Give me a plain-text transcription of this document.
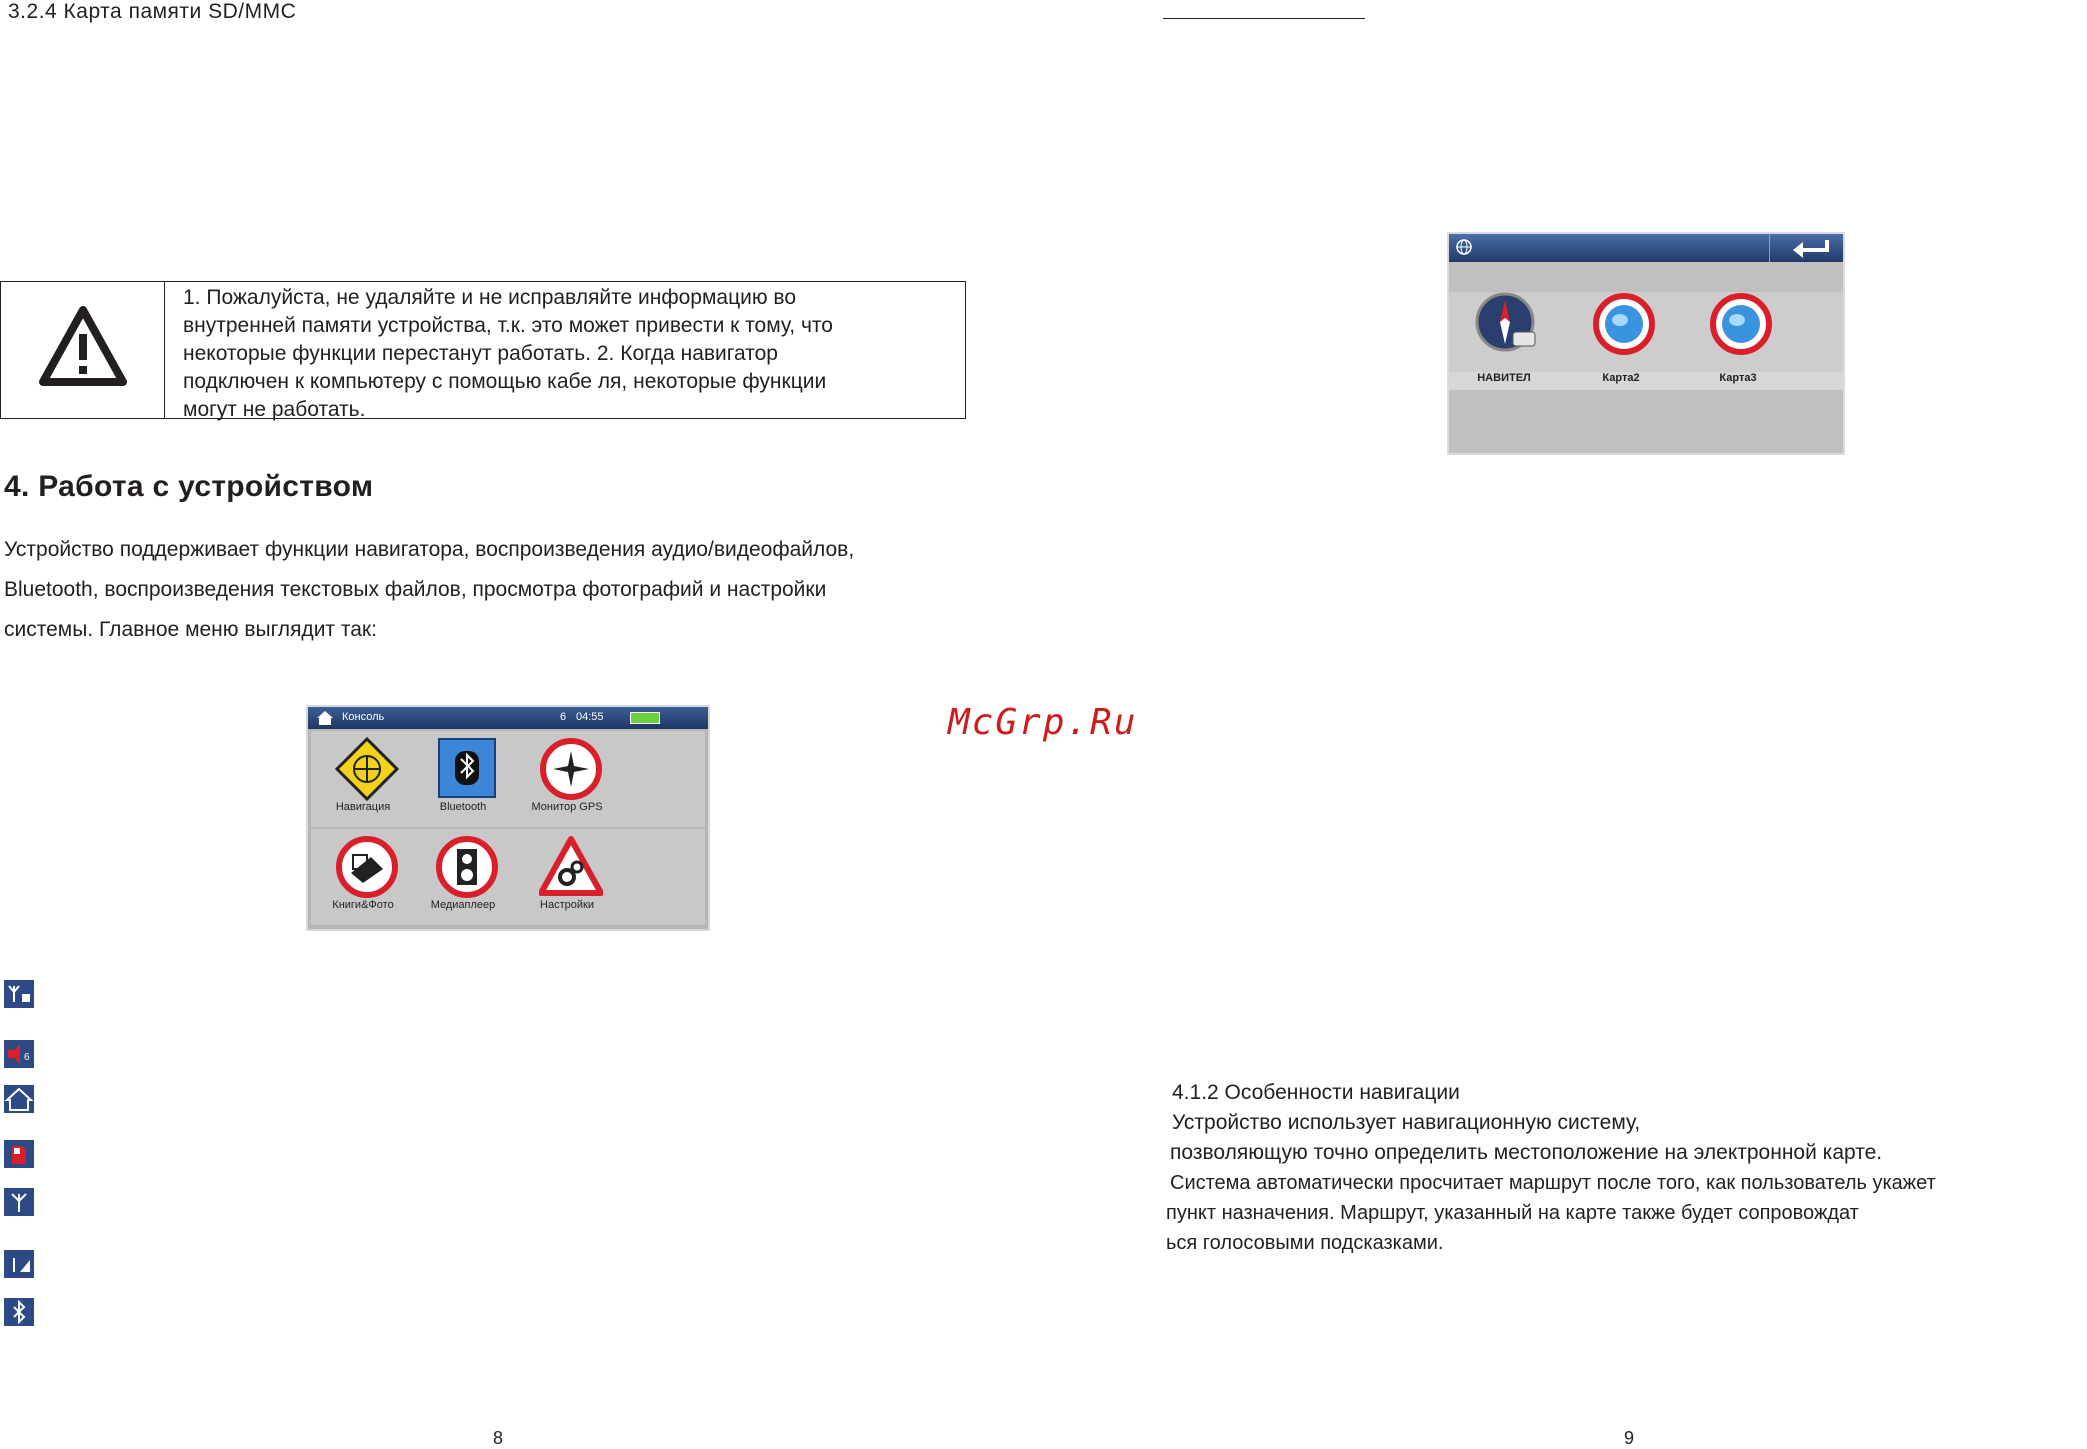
3.2.4 Карта памяти SD/MMC
1. Пожалуйста, не удаляйте и не исправляйте информацию во
внутренней памяти устройства, т.к. это может привести к тому, что
некоторые функции перестанут работать. 2. Когда навигатор
подключен к компьютеру с помощью кабе ля, некоторые функции
могут не работать.
4. Работа с устройством
Устройство поддерживает функции навигатора, воспроизведения аудио/видеофайлов,
Bluetooth, воспроизведения текстовых файлов, просмотра фотографий и настройки
системы. Главное меню выглядит так:
Консоль	6 04:55
Навигация	Bluetooth	Монитор GPS
Книги&Фото	Медиаплеер	Настройки
6
8
McGrp.Ru
НАВИТЕЛ	Карта2	Карта3
4.1.2 Особенности навигации
Устройство использует навигационную систему,
позволяющую точно определить местоположение на электронной карте.
Система автоматически просчитает маршрут после того, как пользователь укажет
пункт назначения. Маршрут, указанный на карте также будет сопровождат
ься голосовыми подсказками.
9
